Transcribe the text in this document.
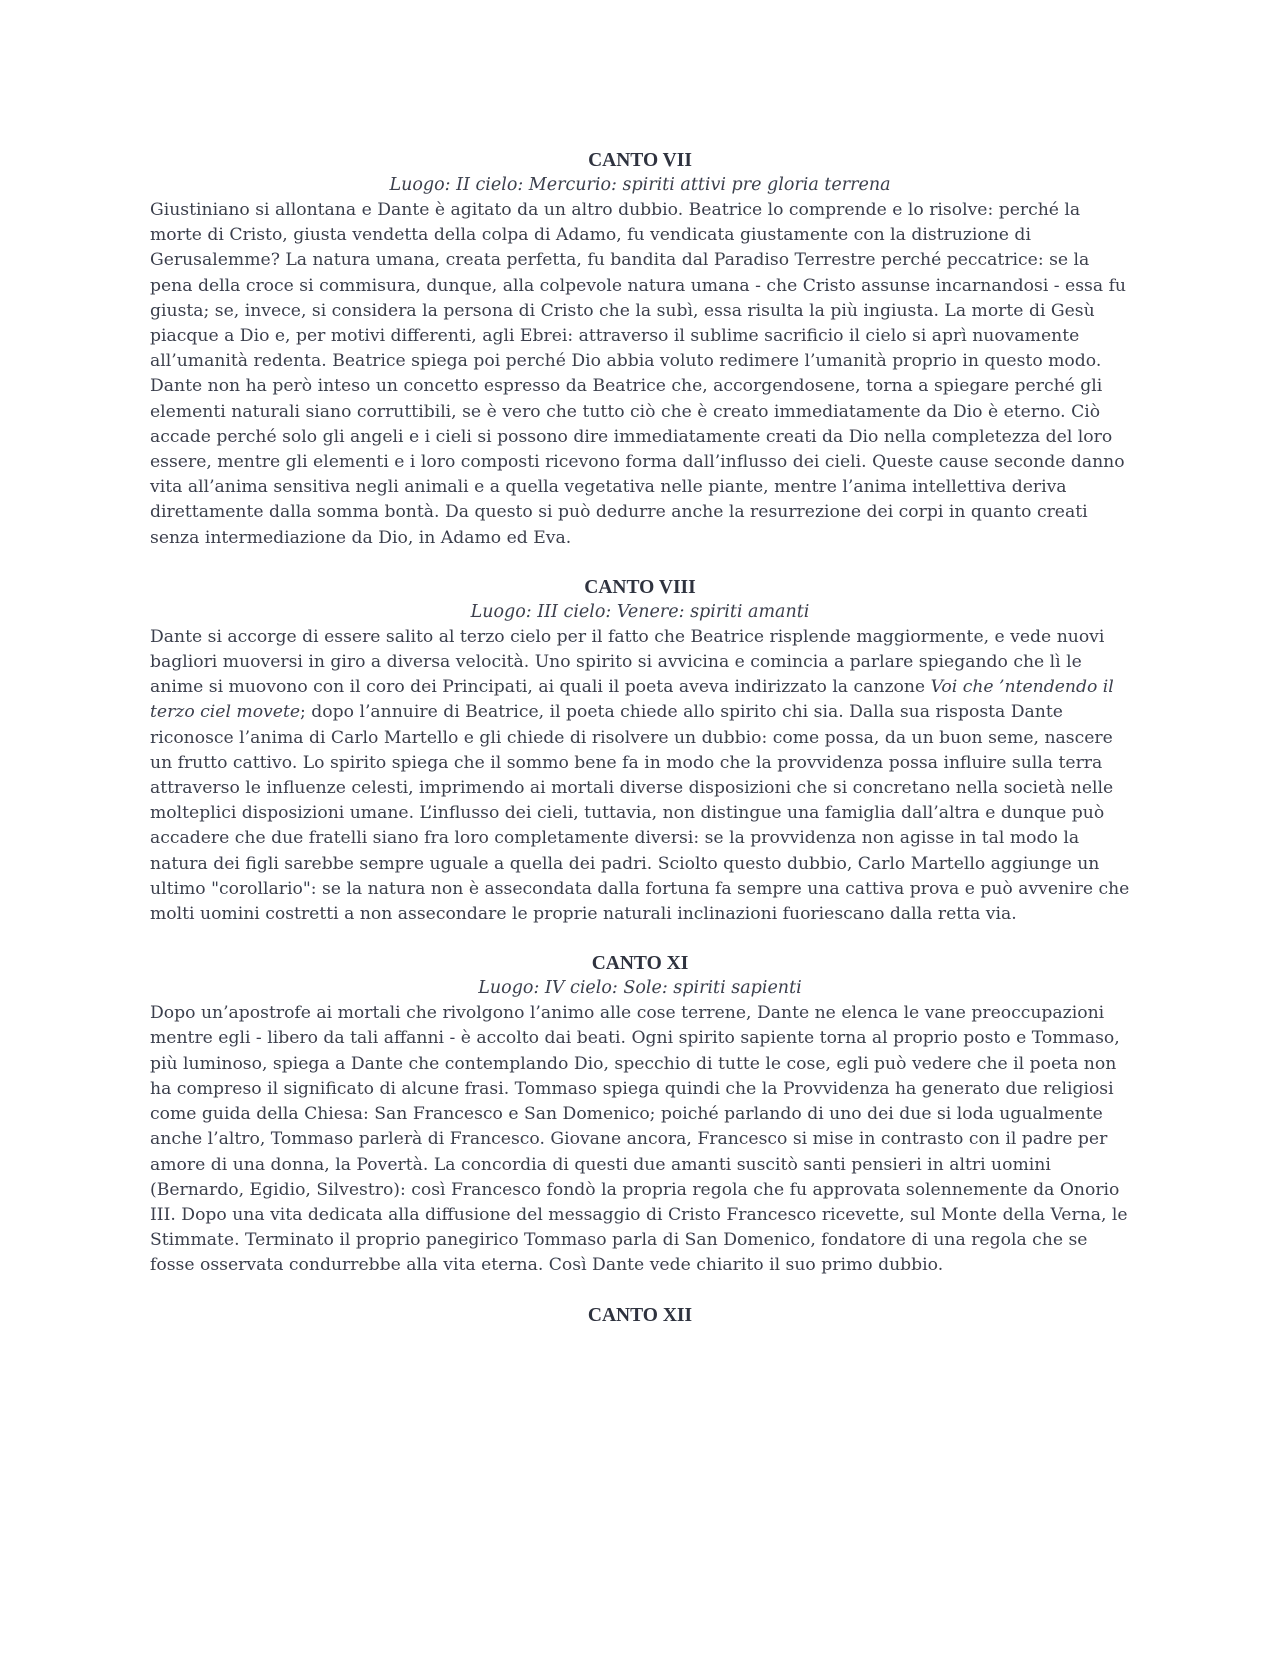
CANTO VII

Luogo: II cielo: Mercurio: spiriti attivi pre gloria terrena

Giustiniano si allontana e Dante è agitato da un altro dubbio. Beatrice lo comprende e lo risolve: perché la morte di Cristo, giusta vendetta della colpa di Adamo, fu vendicata giustamente con la distruzione di Gerusalemme? La natura umana, creata perfetta, fu bandita dal Paradiso Terrestre perché peccatrice: se la pena della croce si commisura, dunque, alla colpevole natura umana - che Cristo assunse incarnandosi - essa fu giusta; se, invece, si considera la persona di Cristo che la subì, essa risulta la più ingiusta. La morte di Gesù piacque a Dio e, per motivi differenti, agli Ebrei: attraverso il sublime sacrificio il cielo si aprì nuovamente all’umanità redenta. Beatrice spiega poi perché Dio abbia voluto redimere l’umanità proprio in questo modo. Dante non ha però inteso un concetto espresso da Beatrice che, accorgendosene, torna a spiegare perché gli elementi naturali siano corruttibili, se è vero che tutto ciò che è creato immediatamente da Dio è eterno. Ciò accade perché solo gli angeli e i cieli si possono dire immediatamente creati da Dio nella completezza del loro essere, mentre gli elementi e i loro composti ricevono forma dall’influsso dei cieli. Queste cause seconde danno vita all’anima sensitiva negli animali e a quella vegetativa nelle piante, mentre l’anima intellettiva deriva direttamente dalla somma bontà. Da questo si può dedurre anche la resurrezione dei corpi in quanto creati senza intermediazione da Dio, in Adamo ed Eva.

CANTO VIII

Luogo: III cielo: Venere: spiriti amanti

Dante si accorge di essere salito al terzo cielo per il fatto che Beatrice risplende maggiormente, e vede nuovi bagliori muoversi in giro a diversa velocità. Uno spirito si avvicina e comincia a parlare spiegando che lì le anime si muovono con il coro dei Principati, ai quali il poeta aveva indirizzato la canzone Voi che ’ntendendo il terzo ciel movete; dopo l’annuire di Beatrice, il poeta chiede allo spirito chi sia. Dalla sua risposta Dante riconosce l’anima di Carlo Martello e gli chiede di risolvere un dubbio: come possa, da un buon seme, nascere un frutto cattivo. Lo spirito spiega che il sommo bene fa in modo che la provvidenza possa influire sulla terra attraverso le influenze celesti, imprimendo ai mortali diverse disposizioni che si concretano nella società nelle molteplici disposizioni umane. L’influsso dei cieli, tuttavia, non distingue una famiglia dall’altra e dunque può accadere che due fratelli siano fra loro completamente diversi: se la provvidenza non agisse in tal modo la natura dei figli sarebbe sempre uguale a quella dei padri. Sciolto questo dubbio, Carlo Martello aggiunge un ultimo "corollario": se la natura non è assecondata dalla fortuna fa sempre una cattiva prova e può avvenire che molti uomini costretti a non assecondare le proprie naturali inclinazioni fuoriescano dalla retta via.

CANTO XI

Luogo: IV cielo: Sole: spiriti sapienti

Dopo un’apostrofe ai mortali che rivolgono l’animo alle cose terrene, Dante ne elenca le vane preoccupazioni mentre egli - libero da tali affanni - è accolto dai beati. Ogni spirito sapiente torna al proprio posto e Tommaso, più luminoso, spiega a Dante che contemplando Dio, specchio di tutte le cose, egli può vedere che il poeta non ha compreso il significato di alcune frasi. Tommaso spiega quindi che la Provvidenza ha generato due religiosi come guida della Chiesa: San Francesco e San Domenico; poiché parlando di uno dei due si loda ugualmente anche l’altro, Tommaso parlerà di Francesco. Giovane ancora, Francesco si mise in contrasto con il padre per amore di una donna, la Povertà. La concordia di questi due amanti suscitò santi pensieri in altri uomini (Bernardo, Egidio, Silvestro): così Francesco fondò la propria regola che fu approvata solennemente da Onorio III. Dopo una vita dedicata alla diffusione del messaggio di Cristo Francesco ricevette, sul Monte della Verna, le Stimmate. Terminato il proprio panegirico Tommaso parla di San Domenico, fondatore di una regola che se fosse osservata condurrebbe alla vita eterna. Così Dante vede chiarito il suo primo dubbio.

CANTO XII
